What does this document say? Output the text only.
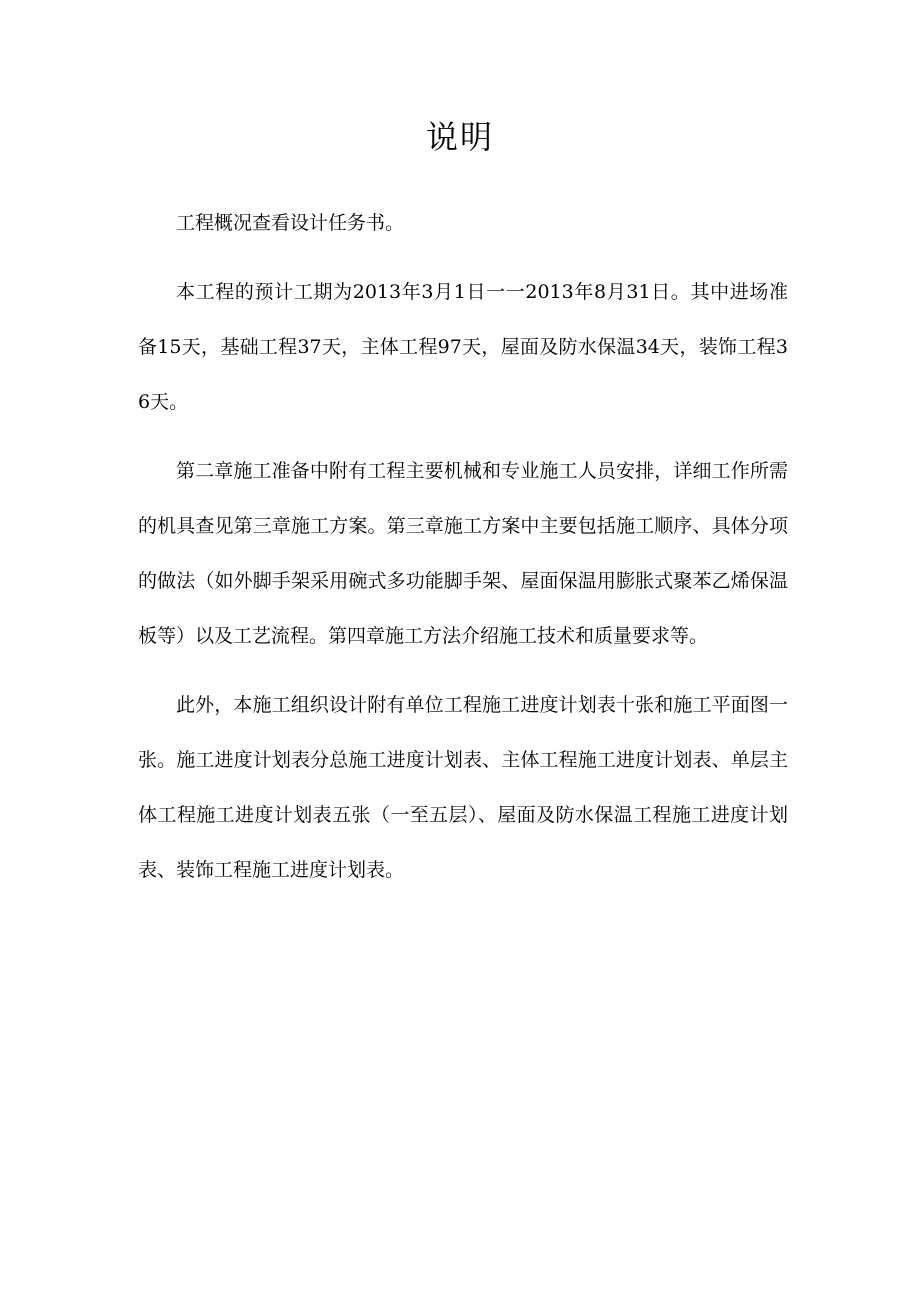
说明

工程概况查看设计任务书。

本工程的预计工期为2013年3月1日一一2013年8月31日。其中进场准备15天，基础工程37天，主体工程97天，屋面及防水保温34天，装饰工程36天。

第二章施工准备中附有工程主要机械和专业施工人员安排，详细工作所需的机具查见第三章施工方案。第三章施工方案中主要包括施工顺序、具体分项的做法（如外脚手架采用碗式多功能脚手架、屋面保温用膨胀式聚苯乙烯保温板等）以及工艺流程。第四章施工方法介绍施工技术和质量要求等。

此外，本施工组织设计附有单位工程施工进度计划表十张和施工平面图一张。施工进度计划表分总施工进度计划表、主体工程施工进度计划表、单层主体工程施工进度计划表五张（一至五层）、屋面及防水保温工程施工进度计划表、装饰工程施工进度计划表。
